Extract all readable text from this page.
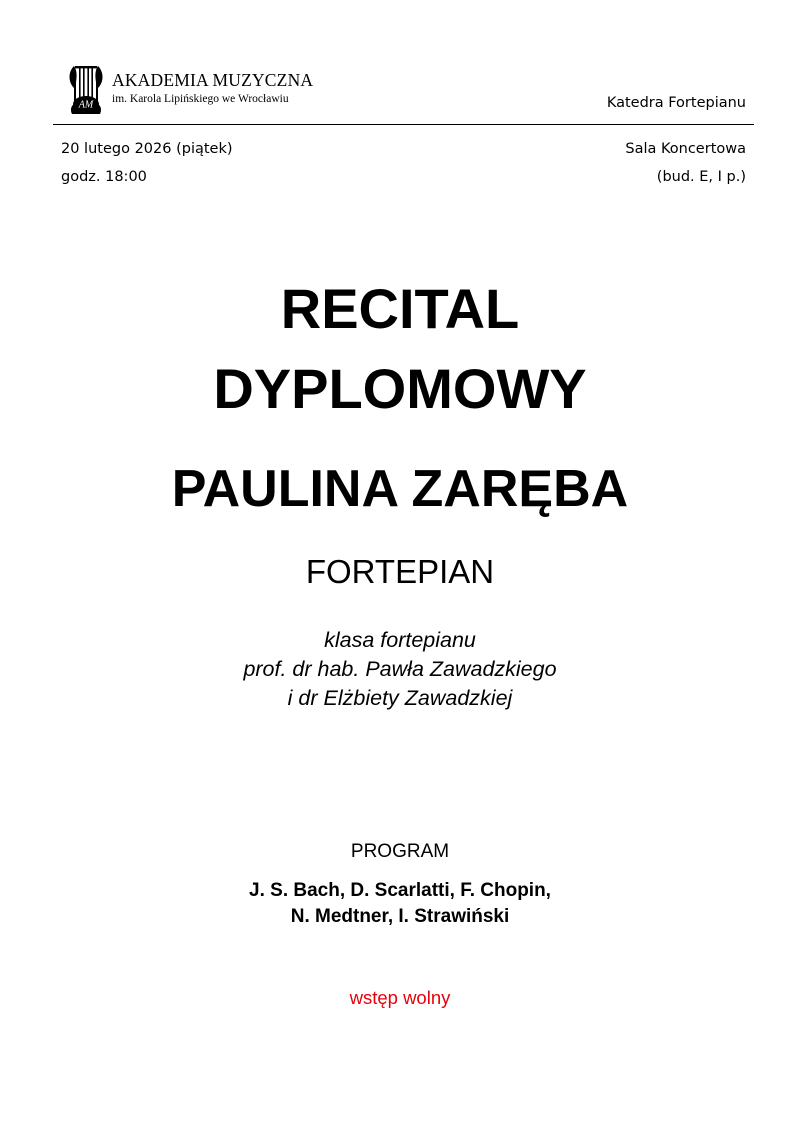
AM
AKADEMIA MUZYCZNA
im. Karola Lipińskiego we Wrocławiu	Katedra Fortepianu
20 lutego 2026 (piątek)
godz. 18:00
Sala Koncertowa
(bud. E, I p.)
RECITAL
DYPLOMOWY
PAULINA ZARĘBA
FORTEPIAN
klasa fortepianu
prof. dr hab. Pawła Zawadzkiego
i dr Elżbiety Zawadzkiej
PROGRAM
J. S. Bach, D. Scarlatti, F. Chopin,
N. Medtner, I. Strawiński
wstęp wolny
